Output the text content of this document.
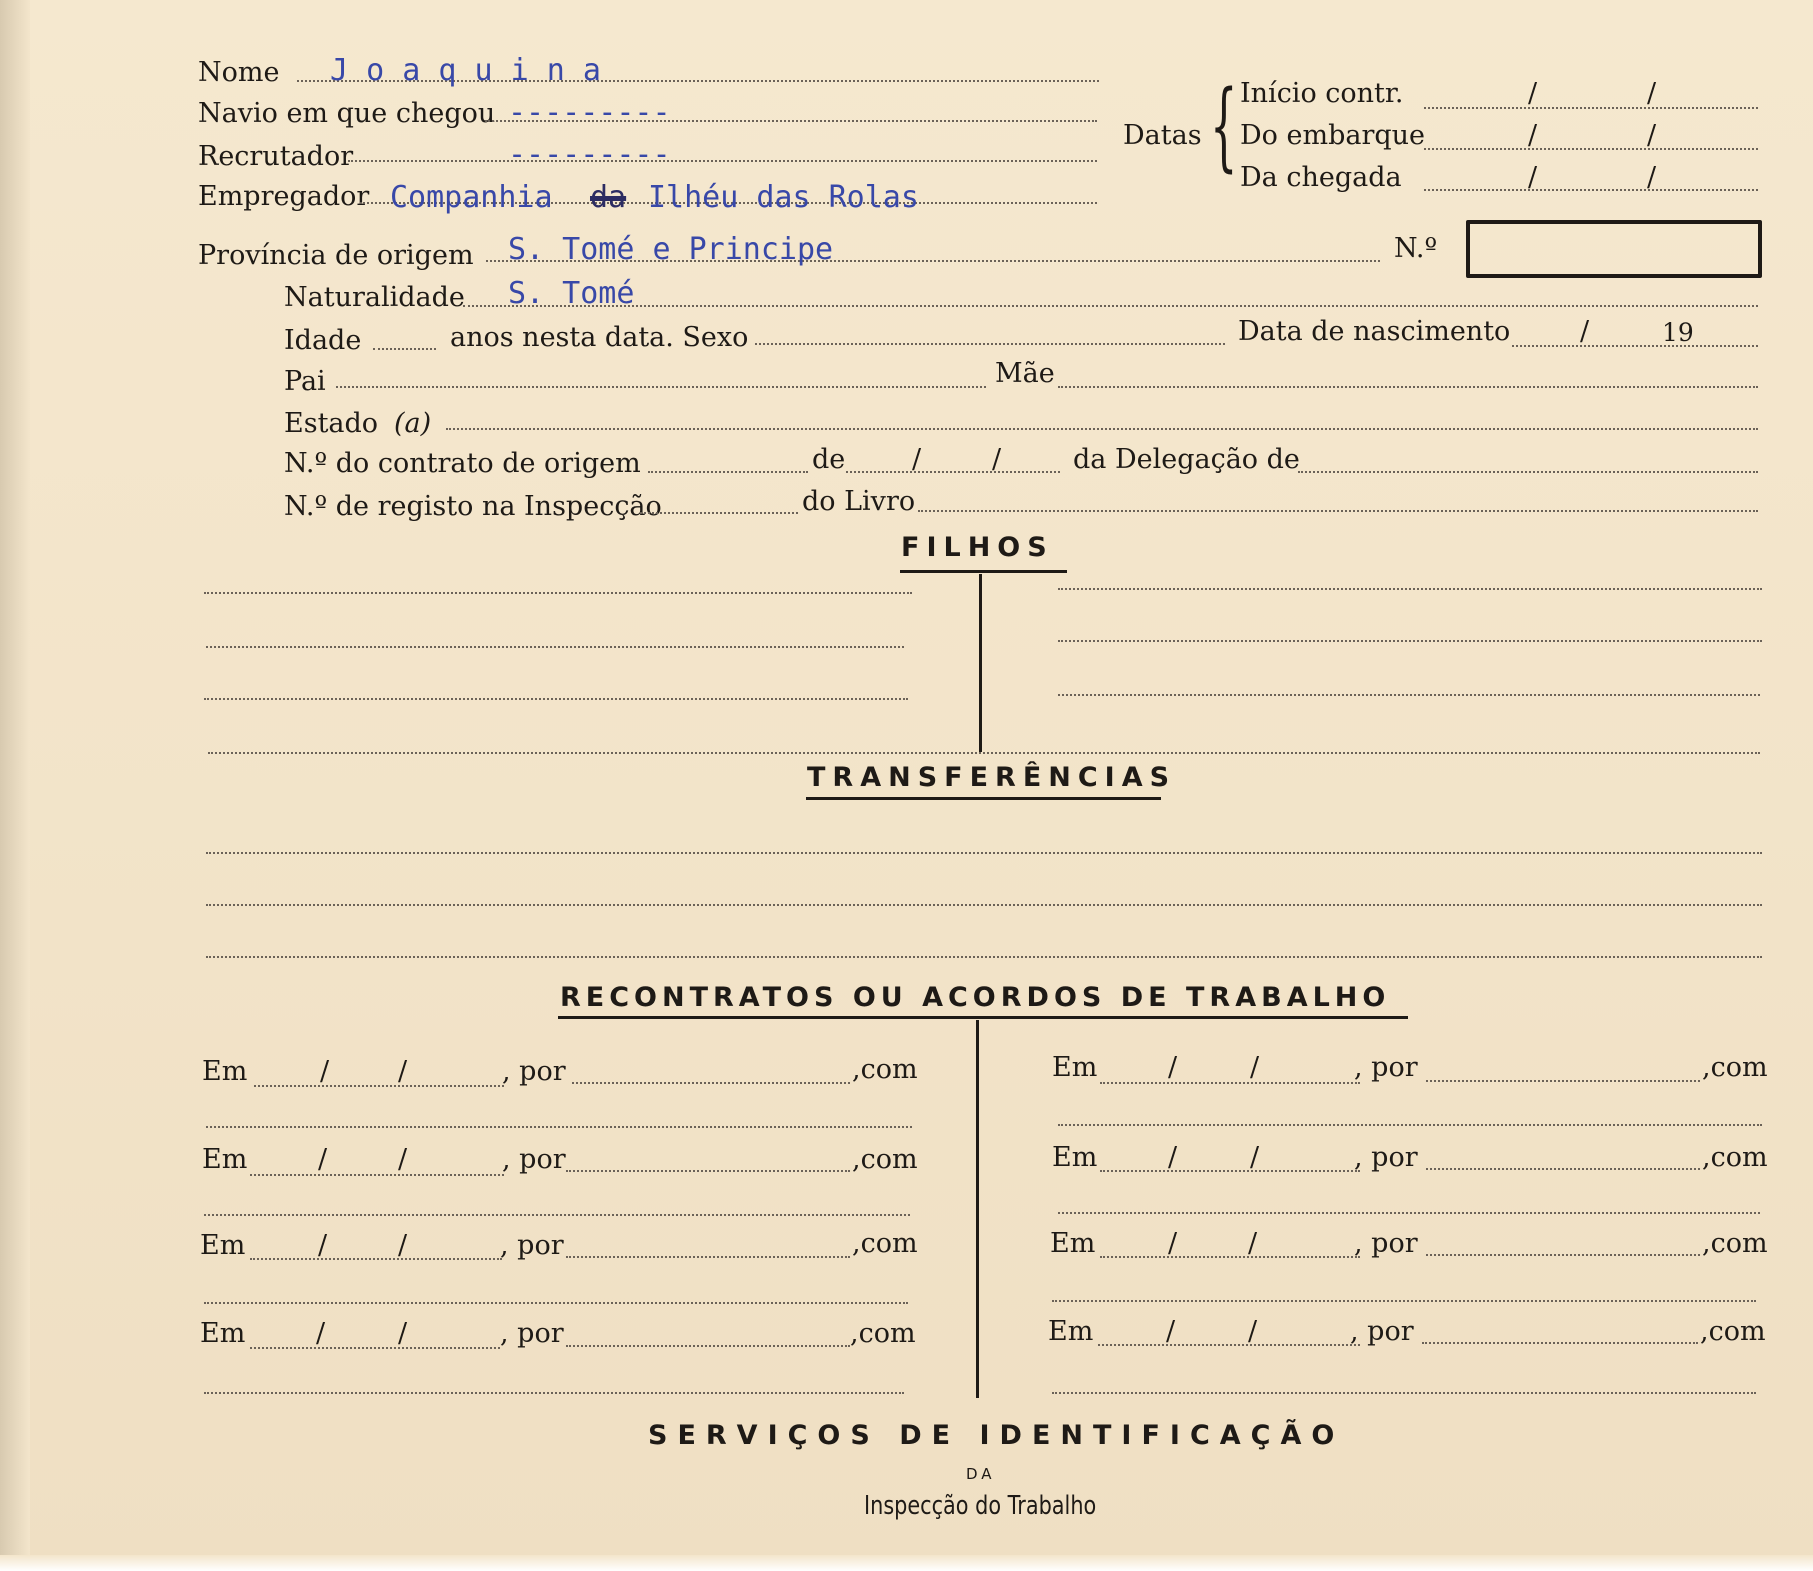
Nome J o a q u i n a
Navio em que chegou ---------
Recrutador	---------
Empregador Companhia da Ilhéu das Rolas
Datas { Início contr.	/	/
Do embarque	/	/
Da chegada	/	/
Província de origem S. Tomé e Principe	N.º
Naturalidade S. Tomé
Idade	anos nesta data. Sexo	Data de nascimento	/	19
Pai	Mãe
Estado (a)
N.º do contrato de origem	de /	/	da Delegação de
N.º de registo na Inspecção	do Livro
FILHOS
TRANSFERÊNCIAS
RECONTRATOS OU ACORDOS DE TRABALHO
Em	/	/	, por	,com
Em	/	/	, por	,com
Em	/	/	, por	,com
Em	/	/	, por	,com
Em	/	/	, por	,com
Em	/	/	, por	,com
Em	/	/	, por	,com
Em	/	/	, por	,com
SERVIÇOS DE IDENTIFICAÇÃO
DA
Inspecção do Trabalho
